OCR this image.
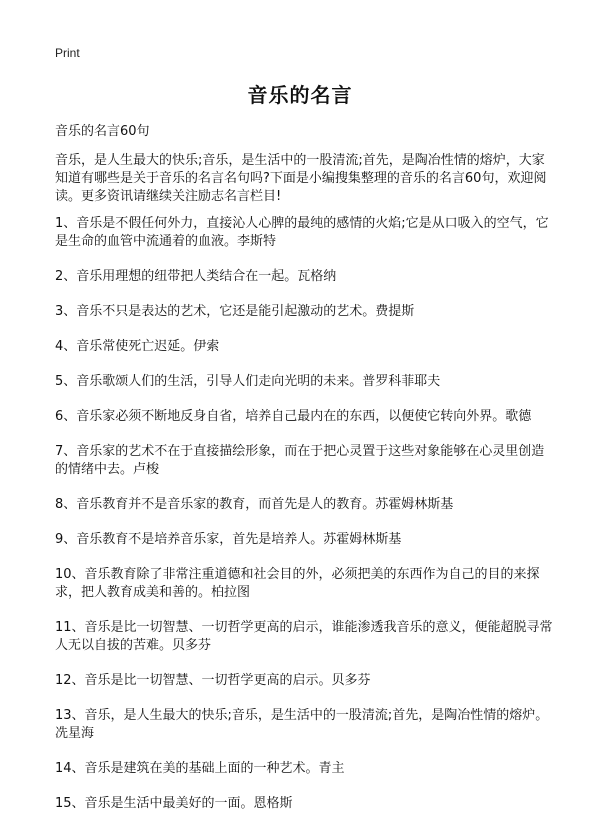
Print
音乐的名言
音乐的名言60句
音乐，是人生最大的快乐;音乐，是生活中的一股清流;首先，是陶冶性情的熔炉，大家知道有哪些是关于音乐的名言名句吗?下面是小编搜集整理的音乐的名言60句，欢迎阅读。更多资讯请继续关注励志名言栏目!
1、音乐是不假任何外力，直接沁人心脾的最纯的感情的火焰;它是从口吸入的空气，它是生命的血管中流通着的血液。李斯特
2、音乐用理想的纽带把人类结合在一起。瓦格纳
3、音乐不只是表达的艺术，它还是能引起激动的艺术。费提斯
4、音乐常使死亡迟延。伊索
5、音乐歌颂人们的生活，引导人们走向光明的未来。普罗科菲耶夫
6、音乐家必须不断地反身自省，培养自己最内在的东西，以便使它转向外界。歌德
7、音乐家的艺术不在于直接描绘形象，而在于把心灵置于这些对象能够在心灵里创造的情绪中去。卢梭
8、音乐教育并不是音乐家的教育，而首先是人的教育。苏霍姆林斯基
9、音乐教育不是培养音乐家，首先是培养人。苏霍姆林斯基
10、音乐教育除了非常注重道德和社会目的外，必须把美的东西作为自己的目的来探求，把人教育成美和善的。柏拉图
11、音乐是比一切智慧、一切哲学更高的启示，谁能渗透我音乐的意义，便能超脱寻常人无以自拔的苦难。贝多芬
12、音乐是比一切智慧、一切哲学更高的启示。贝多芬
13、音乐，是人生最大的快乐;音乐，是生活中的一股清流;首先，是陶冶性情的熔炉。冼星海
14、音乐是建筑在美的基础上面的一种艺术。青主
15、音乐是生活中最美好的一面。恩格斯
